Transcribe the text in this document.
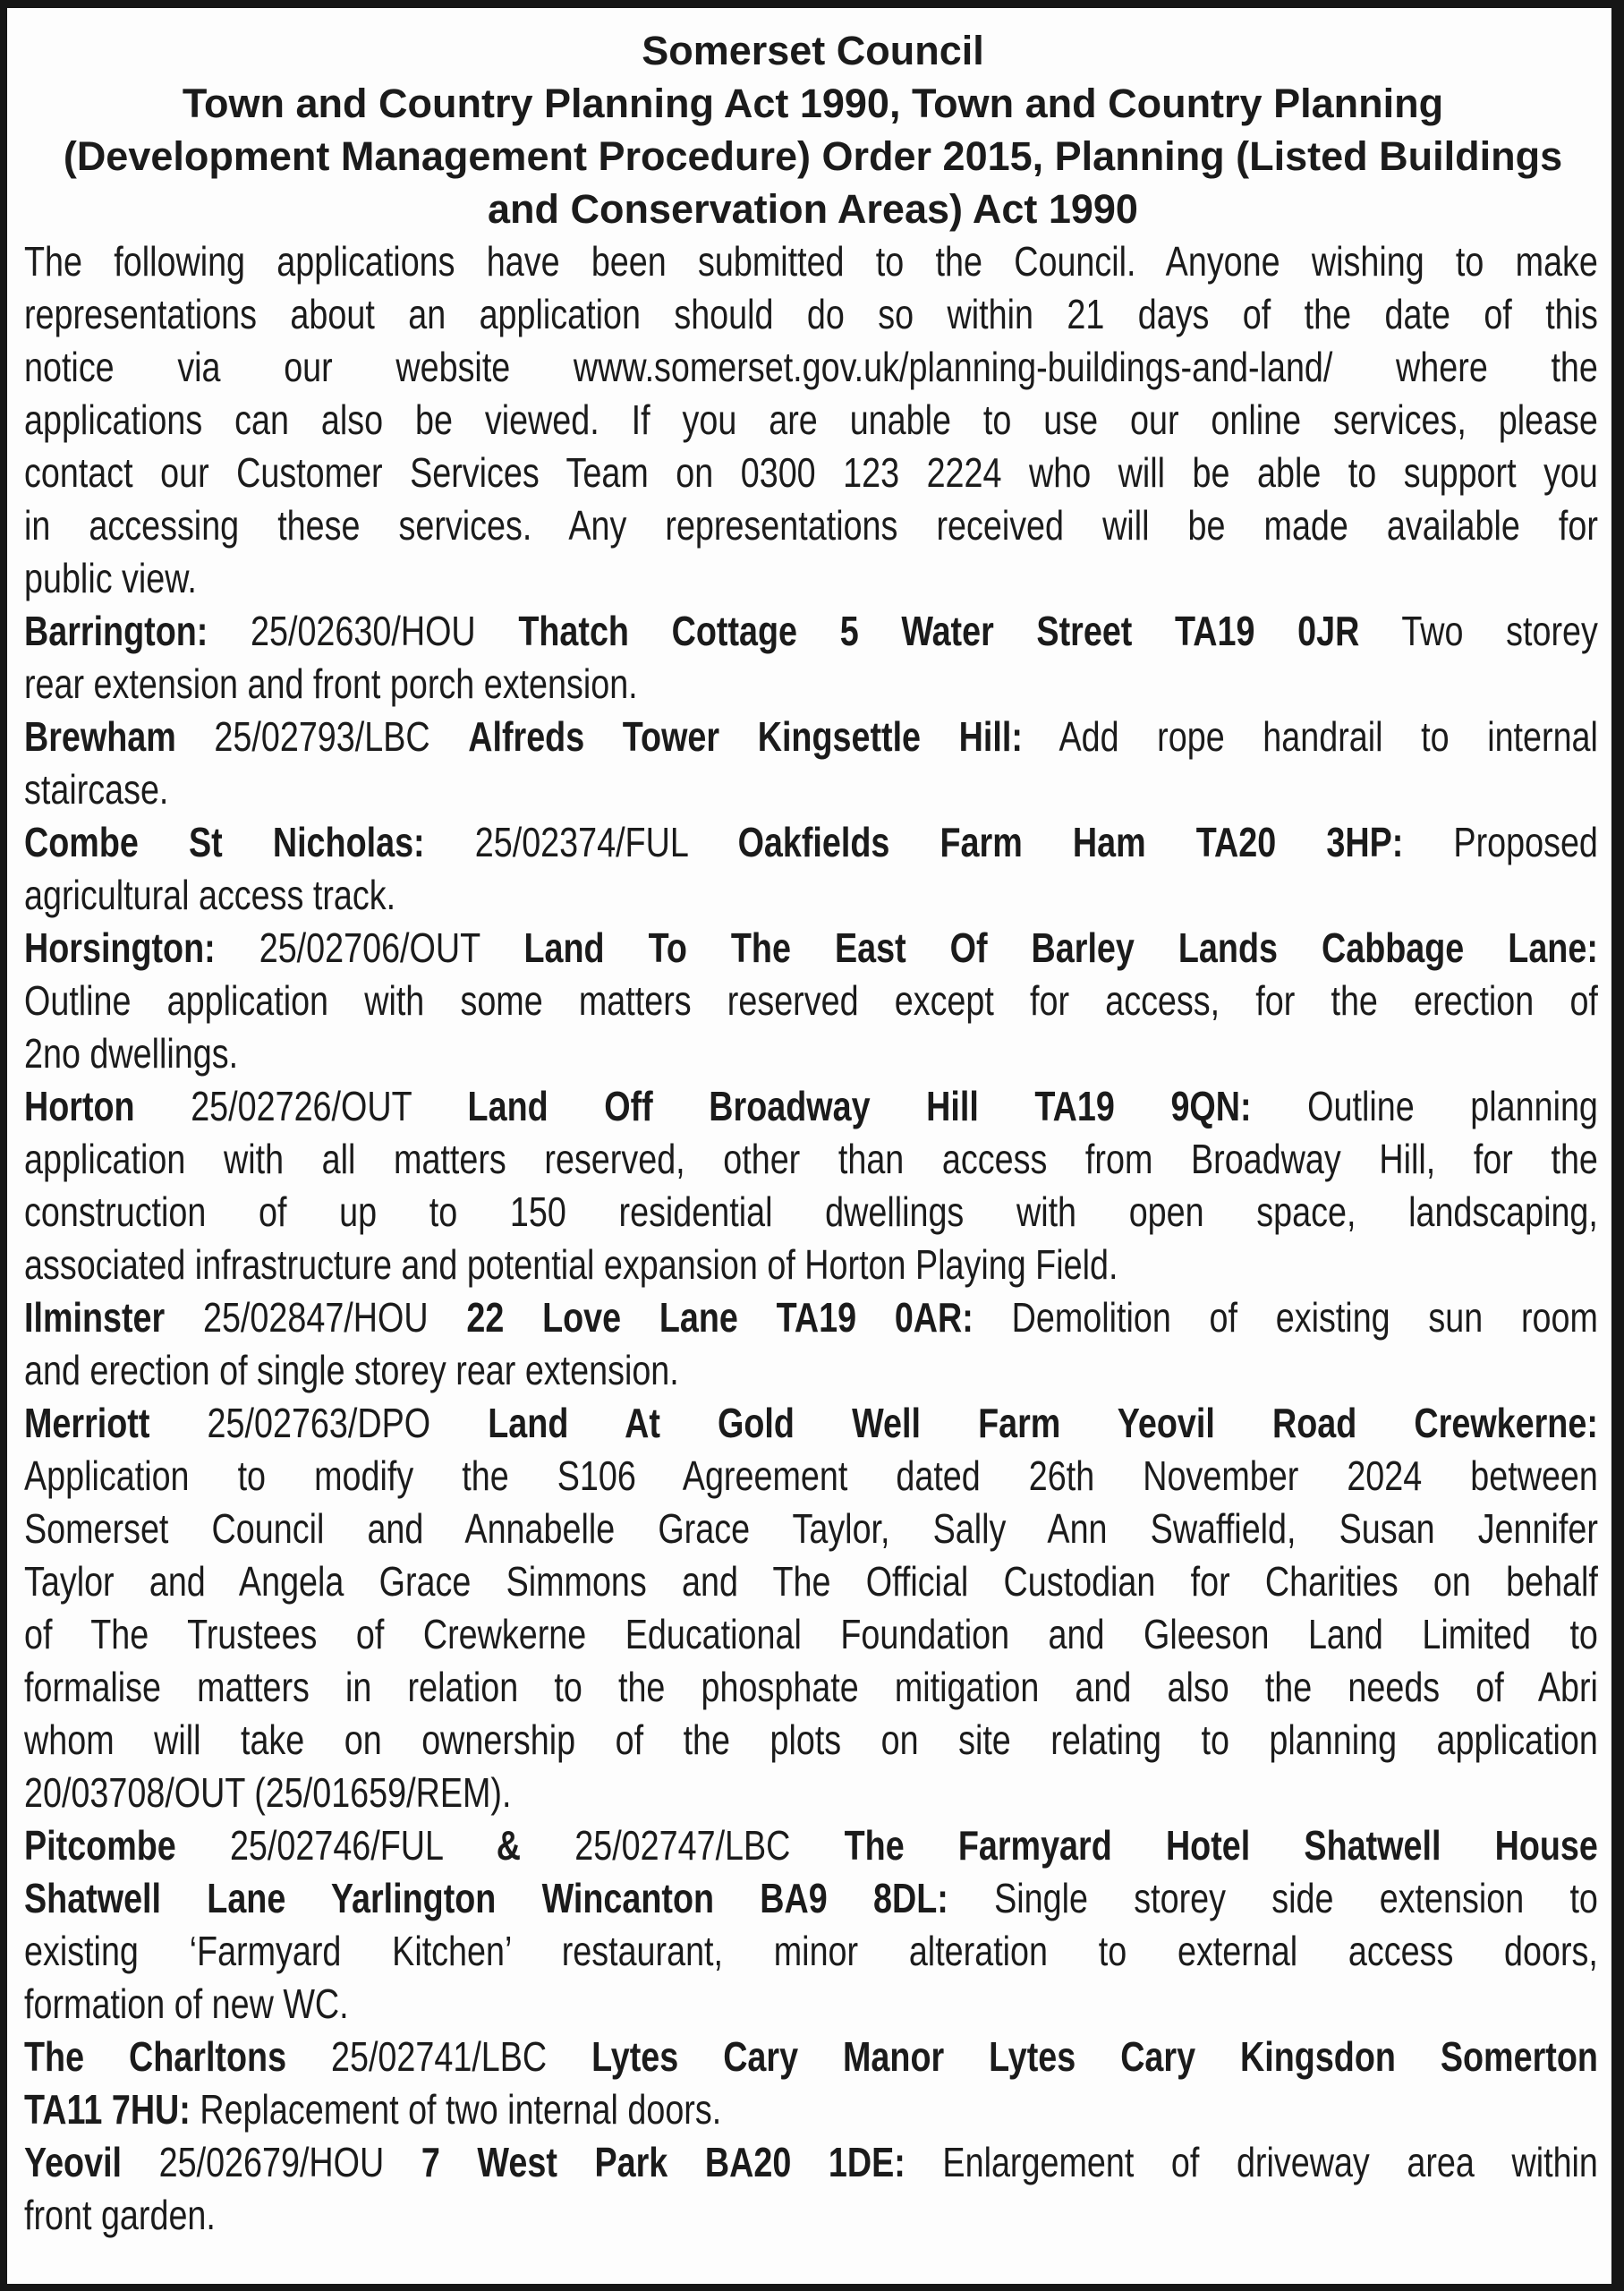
Somerset Council
Town and Country Planning Act 1990, Town and Country Planning
(Development Management Procedure) Order 2015, Planning (Listed Buildings
and Conservation Areas) Act 1990
The following applications have been submitted to the Council. Anyone wishing to make
representations about an application should do so within 21 days of the date of this
notice via our website www.somerset.gov.uk/planning-buildings-and-land/ where the
applications can also be viewed. If you are unable to use our online services, please
contact our Customer Services Team on 0300 123 2224 who will be able to support you
in accessing these services. Any representations received will be made available for
public view.
Barrington: 25/02630/HOU Thatch Cottage 5 Water Street TA19 0JR Two storey
rear extension and front porch extension.
Brewham 25/02793/LBC Alfreds Tower Kingsettle Hill: Add rope handrail to internal
staircase.
Combe St Nicholas: 25/02374/FUL Oakfields Farm Ham TA20 3HP: Proposed
agricultural access track.
Horsington: 25/02706/OUT Land To The East Of Barley Lands Cabbage Lane:
Outline application with some matters reserved except for access, for the erection of
2no dwellings.
Horton 25/02726/OUT Land Off Broadway Hill TA19 9QN: Outline planning
application with all matters reserved, other than access from Broadway Hill, for the
construction of up to 150 residential dwellings with open space, landscaping,
associated infrastructure and potential expansion of Horton Playing Field.
Ilminster 25/02847/HOU 22 Love Lane TA19 0AR: Demolition of existing sun room
and erection of single storey rear extension.
Merriott 25/02763/DPO Land At Gold Well Farm Yeovil Road Crewkerne:
Application to modify the S106 Agreement dated 26th November 2024 between
Somerset Council and Annabelle Grace Taylor, Sally Ann Swaffield, Susan Jennifer
Taylor and Angela Grace Simmons and The Official Custodian for Charities on behalf
of The Trustees of Crewkerne Educational Foundation and Gleeson Land Limited to
formalise matters in relation to the phosphate mitigation and also the needs of Abri
whom will take on ownership of the plots on site relating to planning application
20/03708/OUT (25/01659/REM).
Pitcombe 25/02746/FUL & 25/02747/LBC The Farmyard Hotel Shatwell House
Shatwell Lane Yarlington Wincanton BA9 8DL: Single storey side extension to
existing ‘Farmyard Kitchen’ restaurant, minor alteration to external access doors,
formation of new WC.
The Charltons 25/02741/LBC Lytes Cary Manor Lytes Cary Kingsdon Somerton
TA11 7HU: Replacement of two internal doors.
Yeovil 25/02679/HOU 7 West Park BA20 1DE: Enlargement of driveway area within
front garden.
